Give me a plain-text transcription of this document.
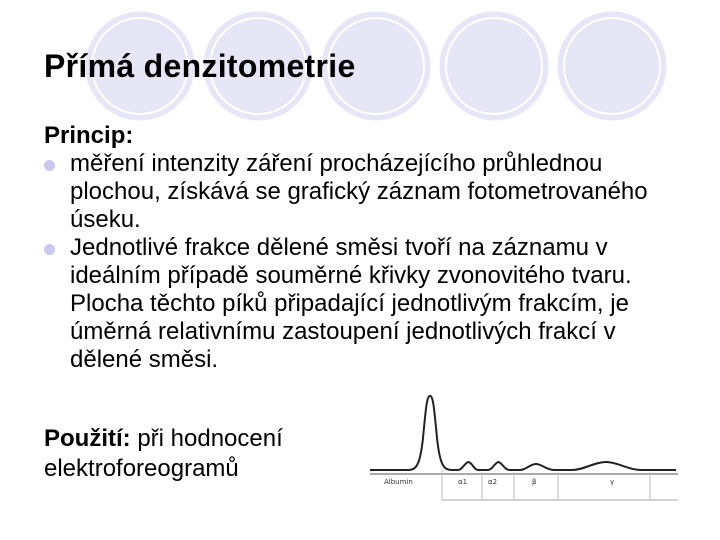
Přímá denzitometrie
Princip:
měření intenzity záření procházejícího průhlednou plochou, získává se grafický záznam fotometrovaného úseku.
Jednotlivé frakce dělené směsi tvoří na záznamu v ideálním případě souměrné křivky zvonovitého tvaru. Plocha těchto píků připadající jednotlivým frakcím, je úměrná relativnímu zastoupení jednotlivých frakcí v dělené směsi.
Použití: při hodnocení elektroforeogramů	Albumin	α1	α2	β	γ
